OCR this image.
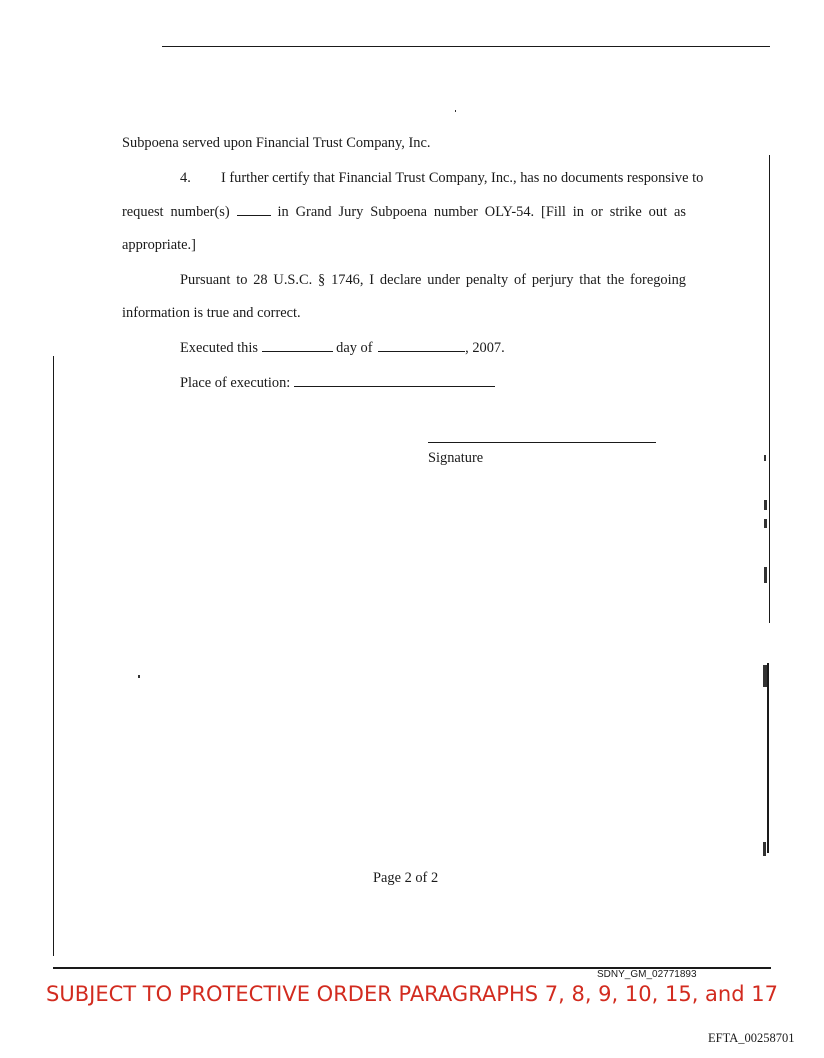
Subpoena served upon Financial Trust Company, Inc.
4. I further certify that Financial Trust Company, Inc., has no documents responsive to
request number(s)	in Grand Jury Subpoena number OLY-54. [Fill in or strike out as
appropriate.]
Pursuant to 28 U.S.C. § 1746, I declare under penalty of perjury that the foregoing
information is true and correct.
Executed this	day of	, 2007.
Place of execution:
Signature
Page 2 of 2
SDNY_GM_02771893
SUBJECT TO PROTECTIVE ORDER PARAGRAPHS 7, 8, 9, 10, 15, and 17
EFTA_00258701
